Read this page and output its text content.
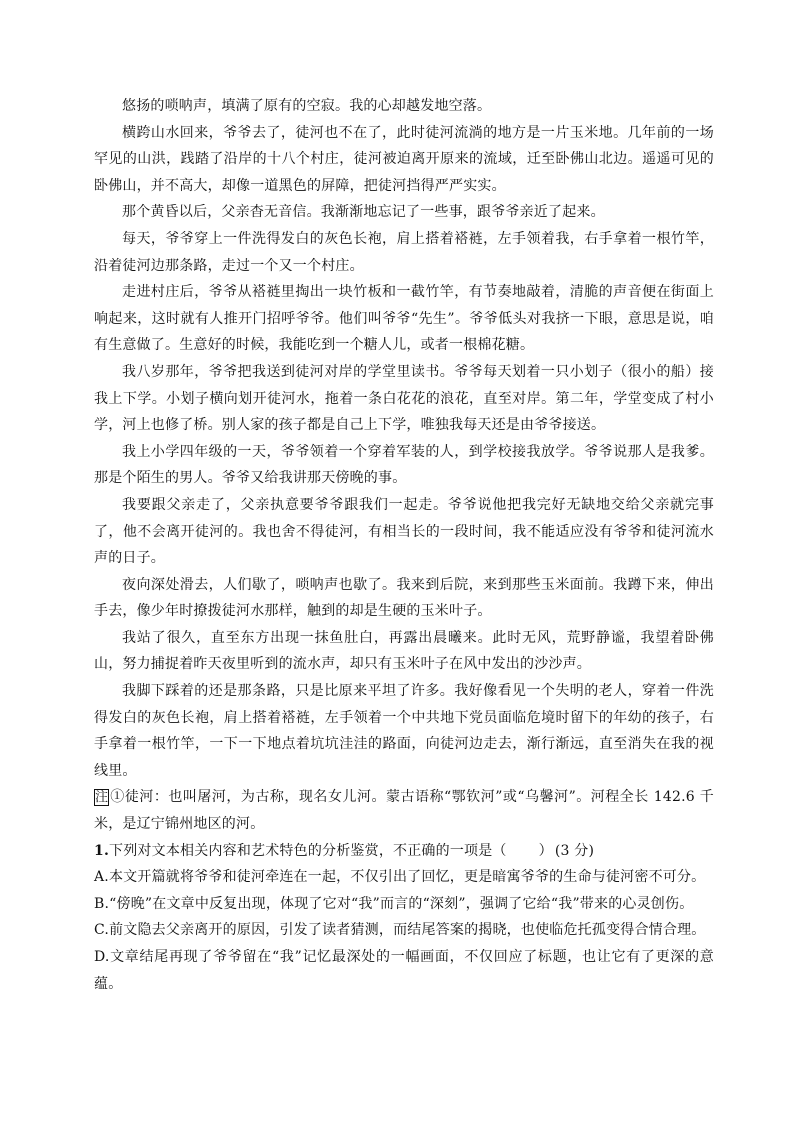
悠扬的唢呐声，填满了原有的空寂。我的心却越发地空落。

横跨山水回来，爷爷去了，徒河也不在了，此时徒河流淌的地方是一片玉米地。几年前的一场罕见的山洪，践踏了沿岸的十八个村庄，徒河被迫离开原来的流域，迁至卧佛山北边。遥遥可见的卧佛山，并不高大，却像一道黑色的屏障，把徒河挡得严严实实。

那个黄昏以后，父亲杳无音信。我渐渐地忘记了一些事，跟爷爷亲近了起来。

每天，爷爷穿上一件洗得发白的灰色长袍，肩上搭着褡裢，左手领着我，右手拿着一根竹竿，沿着徒河边那条路，走过一个又一个村庄。

走进村庄后，爷爷从褡裢里掏出一块竹板和一截竹竿，有节奏地敲着，清脆的声音便在街面上响起来，这时就有人推开门招呼爷爷。他们叫爷爷“先生”。爷爷低头对我挤一下眼，意思是说，咱有生意做了。生意好的时候，我能吃到一个糖人儿，或者一根棉花糖。

我八岁那年，爷爷把我送到徒河对岸的学堂里读书。爷爷每天划着一只小划子（很小的船）接我上下学。小划子横向划开徒河水，拖着一条白花花的浪花，直至对岸。第二年，学堂变成了村小学，河上也修了桥。别人家的孩子都是自己上下学，唯独我每天还是由爷爷接送。

我上小学四年级的一天，爷爷领着一个穿着军装的人，到学校接我放学。爷爷说那人是我爹。那是个陌生的男人。爷爷又给我讲那天傍晚的事。

我要跟父亲走了，父亲执意要爷爷跟我们一起走。爷爷说他把我完好无缺地交给父亲就完事了，他不会离开徒河的。我也舍不得徒河，有相当长的一段时间，我不能适应没有爷爷和徒河流水声的日子。

夜向深处滑去，人们歇了，唢呐声也歇了。我来到后院，来到那些玉米面前。我蹲下来，伸出手去，像少年时撩拨徒河水那样，触到的却是生硬的玉米叶子。

我站了很久，直至东方出现一抹鱼肚白，再露出晨曦来。此时无风，荒野静谧，我望着卧佛山，努力捕捉着昨天夜里听到的流水声，却只有玉米叶子在风中发出的沙沙声。

我脚下踩着的还是那条路，只是比原来平坦了许多。我好像看见一个失明的老人，穿着一件洗得发白的灰色长袍，肩上搭着褡裢，左手领着一个中共地下党员面临危境时留下的年幼的孩子，右手拿着一根竹竿，一下一下地点着坑坑洼洼的路面，向徒河边走去，渐行渐远，直至消失在我的视线里。

注 ①徒河：也叫屠河，为古称，现名女儿河。蒙古语称“鄂钦河”或“乌馨河”。河程全长 142.6 千米，是辽宁锦州地区的河。

1.下列对文本相关内容和艺术特色的分析鉴赏，不正确的一项是（ ） (3 分)

A.本文开篇就将爷爷和徒河牵连在一起，不仅引出了回忆，更是暗寓爷爷的生命与徒河密不可分。

B.“傍晚”在文章中反复出现，体现了它对“我”而言的“深刻”，强调了它给“我”带来的心灵创伤。

C.前文隐去父亲离开的原因，引发了读者猜测，而结尾答案的揭晓，也使临危托孤变得合情合理。

D.文章结尾再现了爷爷留在“我”记忆最深处的一幅画面，不仅回应了标题，也让它有了更深的意蕴。
